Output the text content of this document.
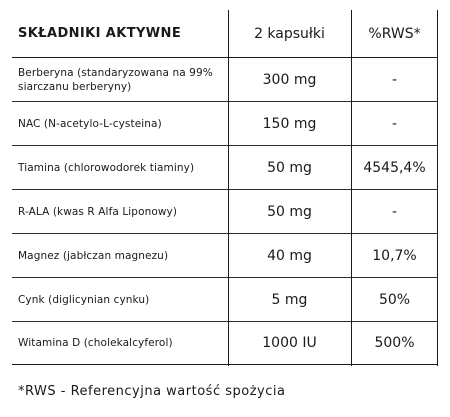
SKŁADNIKI AKTYWNE	2 kapsułki	%RWS*
Berberyna (standaryzowana na 99% siarczanu berberyny)	300 mg	-
NAC (N-acetylo-L-cysteina)	150 mg	-
Tiamina (chlorowodorek tiaminy)	50 mg	4545,4%
R-ALA (kwas R Alfa Liponowy)	50 mg	-
Magnez (jabłczan magnezu)	40 mg	10,7%
Cynk (diglicynian cynku)	5 mg	50%
Witamina D (cholekalcyferol)	1000 IU	500%
*RWS - Referencyjna wartość spożycia
